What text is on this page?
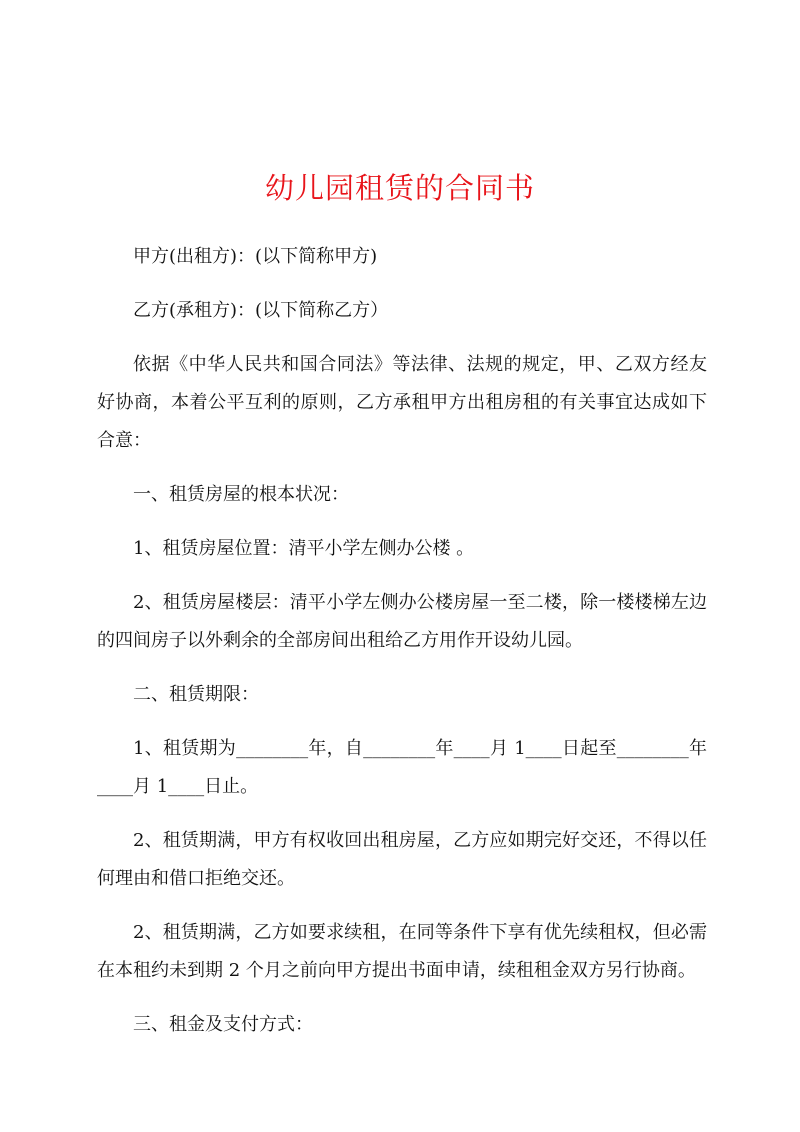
幼儿园租赁的合同书

甲方(出租方)：(以下简称甲方)

乙方(承租方)：(以下简称乙方）

依据《中华人民共和国合同法》等法律、法规的规定，甲、乙双方经友好协商，本着公平互利的原则，乙方承租甲方出租房租的有关事宜达成如下合意：

一、租赁房屋的根本状况：

1、租赁房屋位置：清平小学左侧办公楼 。

2、租赁房屋楼层：清平小学左侧办公楼房屋一至二楼，除一楼楼梯左边的四间房子以外剩余的全部房间出租给乙方用作开设幼儿园。

二、租赁期限：

1、租赁期为________年，自________年____月 1____日起至________年 ____月 1____日止。

2、租赁期满，甲方有权收回出租房屋，乙方应如期完好交还，不得以任何理由和借口拒绝交还。

2、租赁期满，乙方如要求续租，在同等条件下享有优先续租权，但必需在本租约未到期 2 个月之前向甲方提出书面申请，续租租金双方另行协商。

三、租金及支付方式：
